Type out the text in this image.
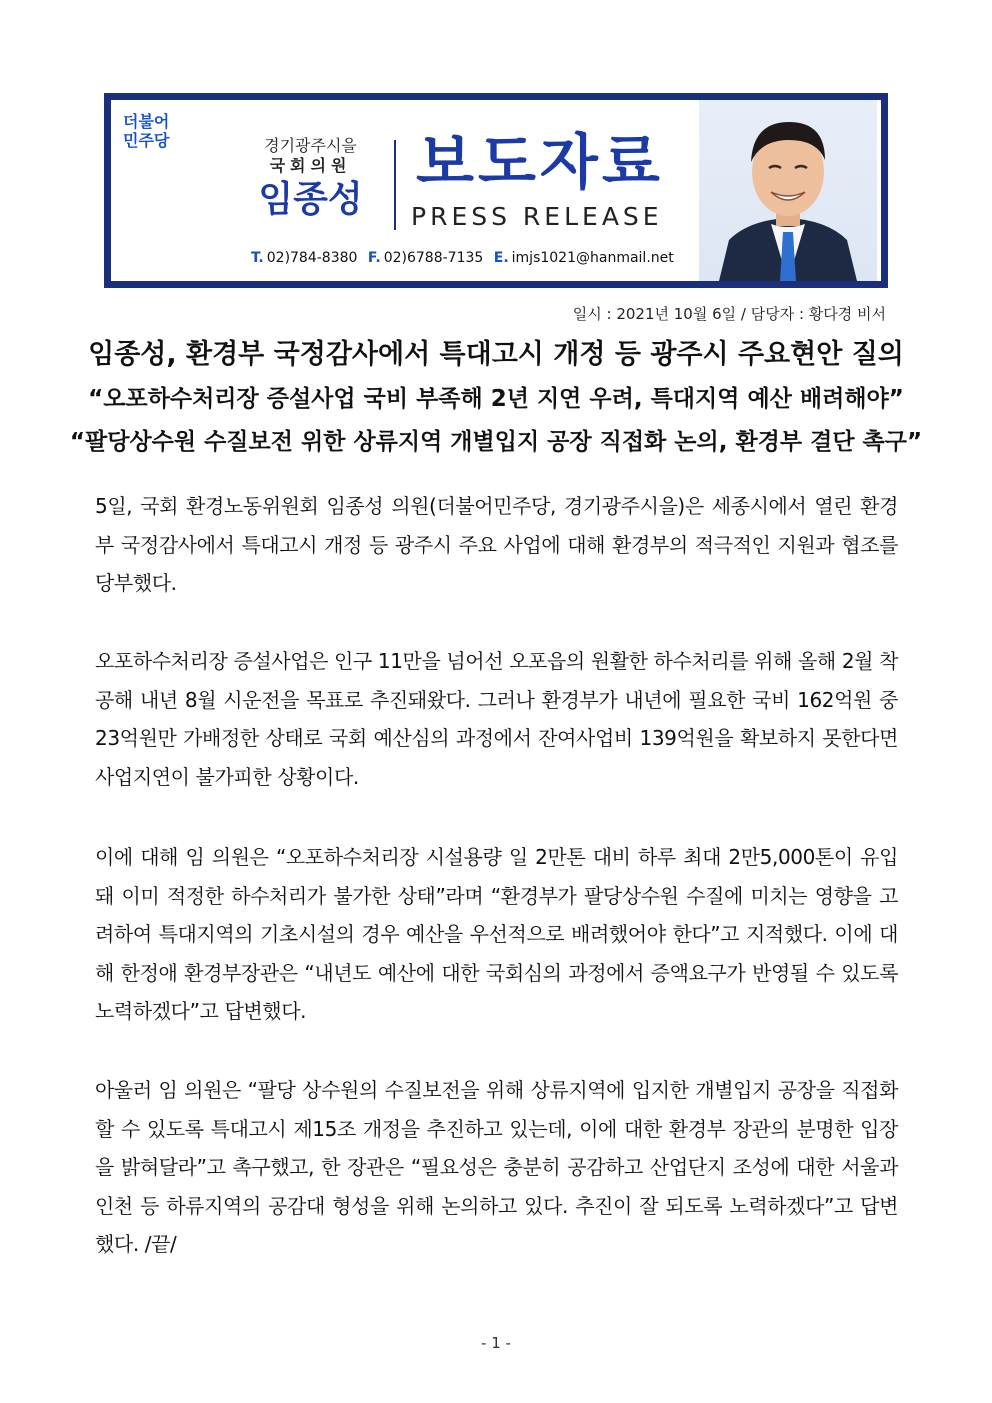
더불어
민주당	경기광주시을
국회의원
임종성
보도자료
PRESS RELEASE
T. 02)784-8380 F. 02)6788-7135 E. imjs1021@hanmail.net
일시 : 2021년 10월 6일 / 담당자 : 황다경 비서
임종성, 환경부 국정감사에서 특대고시 개정 등 광주시 주요현안 질의
“오포하수처리장 증설사업 국비 부족해 2년 지연 우려, 특대지역 예산 배려해야”
“팔당상수원 수질보전 위한 상류지역 개별입지 공장 직접화 논의, 환경부 결단 촉구”
5일, 국회 환경노동위원회 임종성 의원(더불어민주당, 경기광주시을)은 세종시에서 열린 환경부 국정감사에서 특대고시 개정 등 광주시 주요 사업에 대해 환경부의 적극적인 지원과 협조를 당부했다.
오포하수처리장 증설사업은 인구 11만을 넘어선 오포읍의 원활한 하수처리를 위해 올해 2월 착공해 내년 8월 시운전을 목표로 추진돼왔다. 그러나 환경부가 내년에 필요한 국비 162억원 중 23억원만 가배정한 상태로 국회 예산심의 과정에서 잔여사업비 139억원을 확보하지 못한다면 사업지연이 불가피한 상황이다.
이에 대해 임 의원은 “오포하수처리장 시설용량 일 2만톤 대비 하루 최대 2만5,000톤이 유입돼 이미 적정한 하수처리가 불가한 상태”라며 “환경부가 팔당상수원 수질에 미치는 영향을 고려하여 특대지역의 기초시설의 경우 예산을 우선적으로 배려했어야 한다”고 지적했다. 이에 대해 한정애 환경부장관은 “내년도 예산에 대한 국회심의 과정에서 증액요구가 반영될 수 있도록 노력하겠다”고 답변했다.
아울러 임 의원은 “팔당 상수원의 수질보전을 위해 상류지역에 입지한 개별입지 공장을 직접화 할 수 있도록 특대고시 제15조 개정을 추진하고 있는데, 이에 대한 환경부 장관의 분명한 입장을 밝혀달라”고 촉구했고, 한 장관은 “필요성은 충분히 공감하고 산업단지 조성에 대한 서울과 인천 등 하류지역의 공감대 형성을 위해 논의하고 있다. 추진이 잘 되도록 노력하겠다”고 답변했다. /끝/
- 1 -
